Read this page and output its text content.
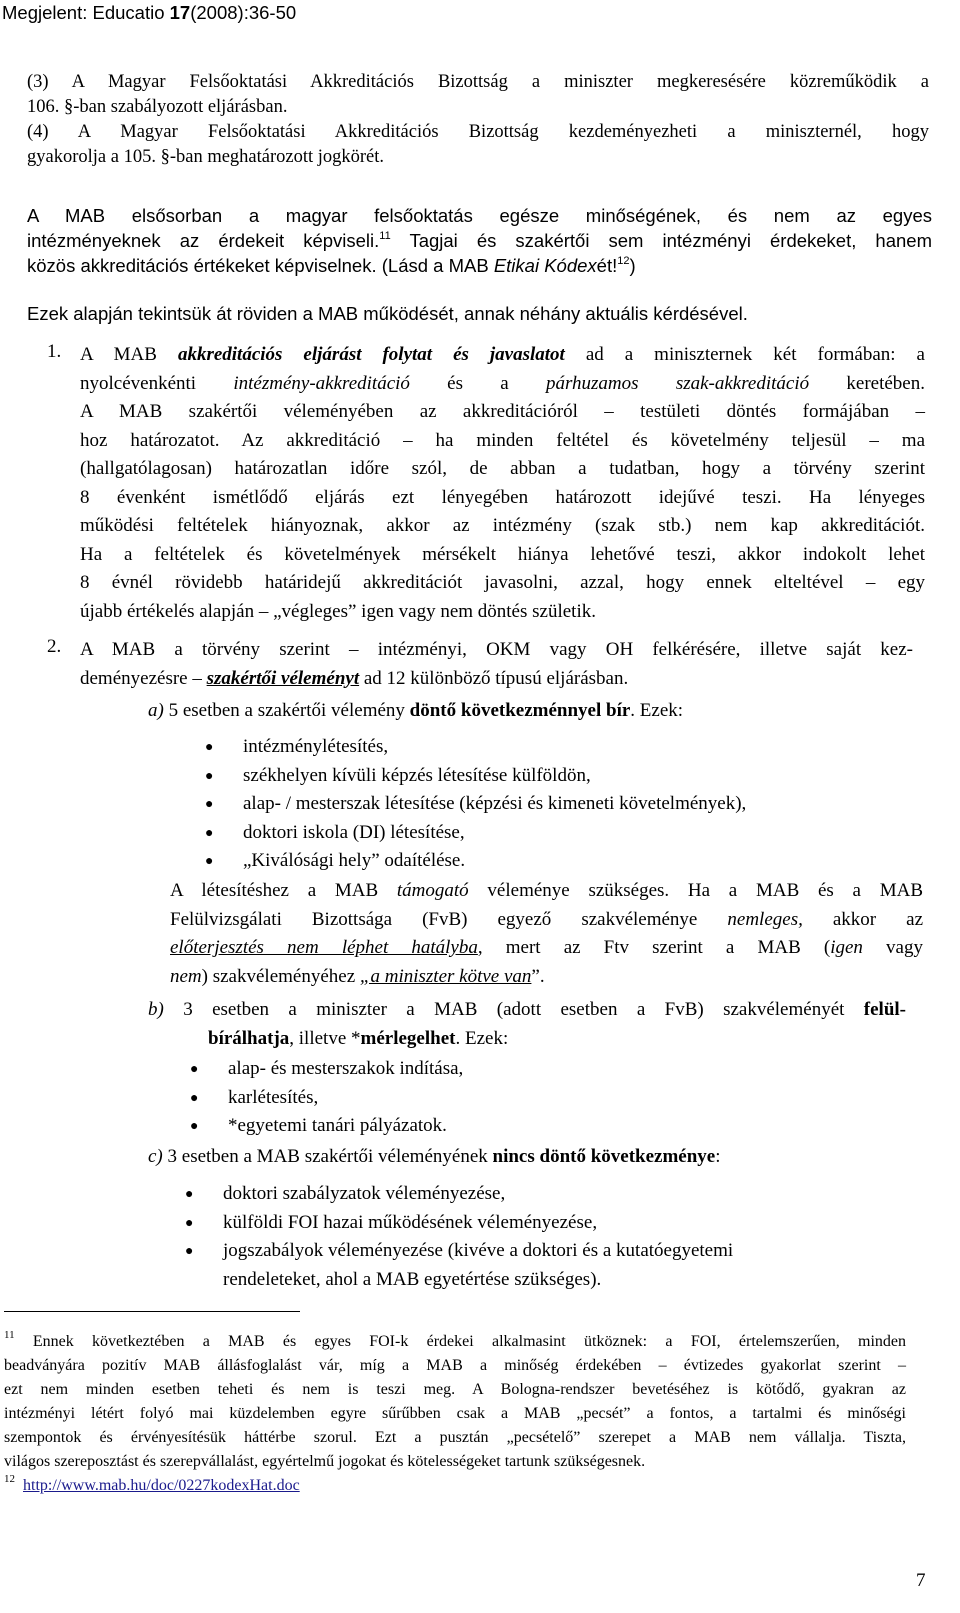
Megjelent: Educatio 17(2008):36-50
(3) A Magyar Felsőoktatási Akkreditációs Bizottság a miniszter megkeresésére közreműködik a
106. §-ban szabályozott eljárásban.
(4) A Magyar Felsőoktatási Akkreditációs Bizottság kezdeményezheti a miniszternél, hogy
gyakorolja a 105. §-ban meghatározott jogkörét.
A MAB elsősorban a magyar felsőoktatás egésze minőségének, és nem az egyes
intézményeknek az érdekeit képviseli.$^{11}$ Tagjai és szakértői sem intézményi érdekeket, hanem
közös akkreditációs értékeket képviselnek. (Lásd a MAB Etikai Kódexét!$^{12}$)
Ezek alapján tekintsük át röviden a MAB működését, annak néhány aktuális kérdésével.
1. A MAB akkreditációs eljárást folytat és javaslatot ad a miniszternek két formában: a
nyolcévenkénti intézmény-akkreditáció és a párhuzamos szak-akkreditáció keretében.
A MAB szakértői véleményében az akkreditációról – testületi döntés formájában –
hoz határozatot. Az akkreditáció – ha minden feltétel és követelmény teljesül – ma
(hallgatólagosan) határozatlan időre szól, de abban a tudatban, hogy a törvény szerint
8 évenként ismétlődő eljárás ezt lényegében határozott idejűvé teszi. Ha lényeges
működési feltételek hiányoznak, akkor az intézmény (szak stb.) nem kap akkreditációt.
Ha a feltételek és követelmények mérsékelt hiánya lehetővé teszi, akkor indokolt lehet
8 évnél rövidebb határidejű akkreditációt javasolni, azzal, hogy ennek elteltével – egy
újabb értékelés alapján – „végleges” igen vagy nem döntés születik.
2. A MAB a törvény szerint – intézményi, OKM vagy OH felkérésére, illetve saját kez-
deményezésre – szakértői véleményt ad 12 különböző típusú eljárásban.
a) 5 esetben a szakértői vélemény döntő következménnyel bír. Ezek:
● intézménylétesítés,
● székhelyen kívüli képzés létesítése külföldön,
● alap- / mesterszak létesítése (képzési és kimeneti követelmények),
● doktori iskola (DI) létesítése,
● „Kiválósági hely” odaítélése.
A létesítéshez a MAB támogató véleménye szükséges. Ha a MAB és a MAB
Felülvizsgálati Bizottsága (FvB) egyező szakvéleménye nemleges, akkor az
előterjesztés nem léphet hatályba, mert az Ftv szerint a MAB (igen vagy
nem) szakvéleményéhez „a miniszter kötve van”.
b) 3 esetben a miniszter a MAB (adott esetben a FvB) szakvéleményét felül-
bírálhatja, illetve *mérlegelhet. Ezek:
● alap- és mesterszakok indítása,
● karlétesítés,
● *egyetemi tanári pályázatok.
c) 3 esetben a MAB szakértői véleményének nincs döntő következménye:
● doktori szabályzatok véleményezése,
● külföldi FOI hazai működésének véleményezése,
● jogszabályok véleményezése (kivéve a doktori és a kutatóegyetemi
rendeleteket, ahol a MAB egyetértése szükséges).
$^{11}$ Ennek következtében a MAB és egyes FOI-k érdekei alkalmasint ütköznek: a FOI, értelemszerűen, minden
beadványára pozitív MAB állásfoglalást vár, míg a MAB a minőség érdekében – évtizedes gyakorlat szerint –
ezt nem minden esetben teheti és nem is teszi meg. A Bologna-rendszer bevetéséhez is kötődő, gyakran az
intézményi létért folyó mai küzdelemben egyre sűrűbben csak a MAB „pecsét” a fontos, a tartalmi és minőségi
szempontok és érvényesítésük háttérbe szorul. Ezt a pusztán „pecsételő” szerepet a MAB nem vállalja. Tiszta,
világos szereposztást és szerepvállalást, egyértelmű jogokat és kötelességeket tartunk szükségesnek.
$^{12}$ http://www.mab.hu/doc/0227kodexHat.doc
7
